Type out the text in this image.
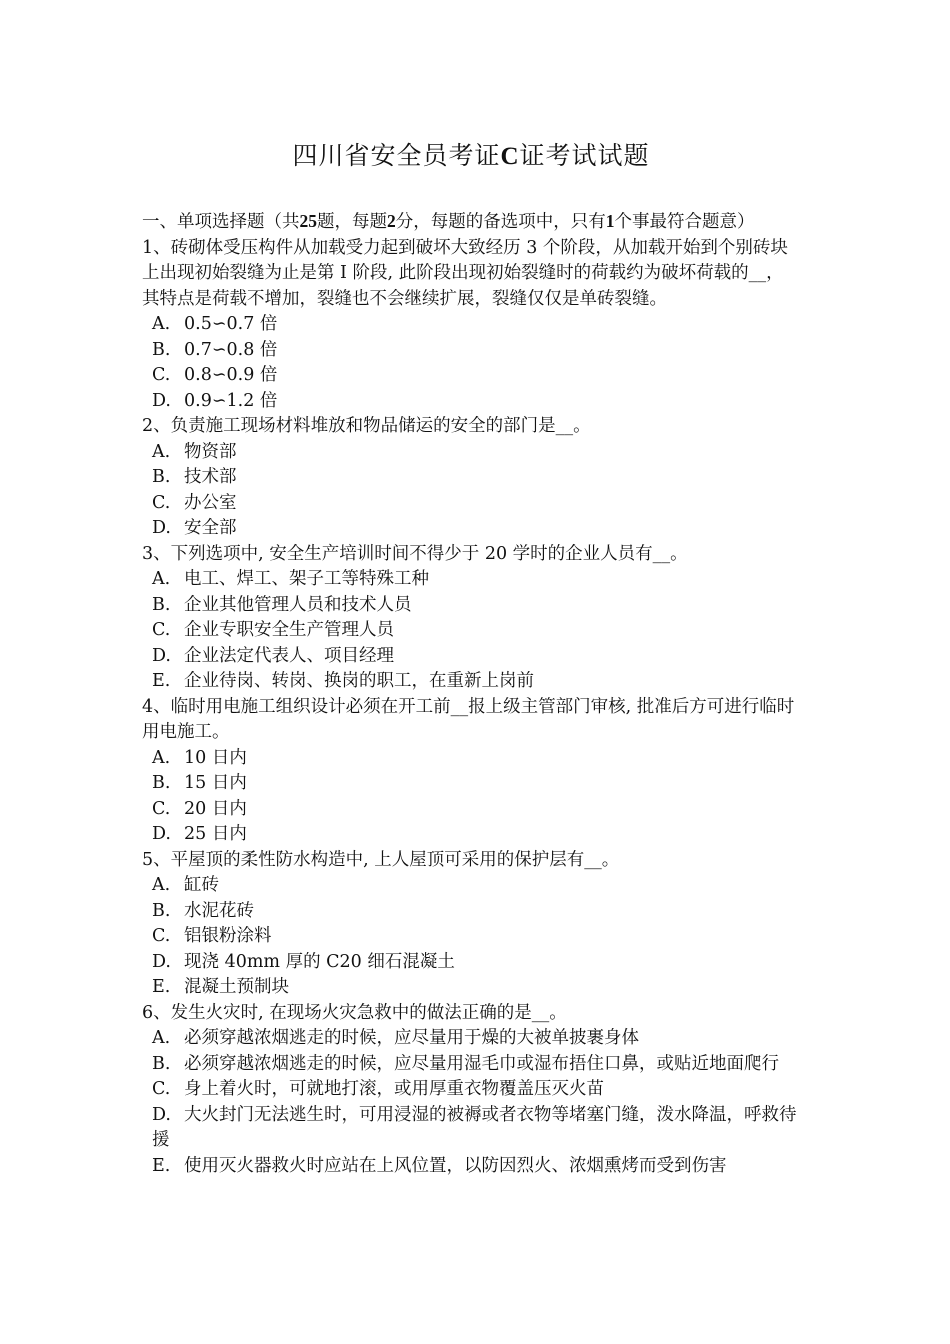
四川省安全员考证C证考试试题

一、单项选择题（共25题，每题2分，每题的备选项中，只有1个事最符合题意）

1、砖砌体受压构件从加载受力起到破坏大致经历 3 个阶段，从加载开始到个别砖块上出现初始裂缝为止是第 I 阶段, 此阶段出现初始裂缝时的荷载约为破坏荷载的__，其特点是荷载不增加，裂缝也不会继续扩展，裂缝仅仅是单砖裂缝。

A. 0.5∽0.7 倍

B. 0.7∽0.8 倍

C. 0.8∽0.9 倍

D. 0.9∽1.2 倍

2、负责施工现场材料堆放和物品储运的安全的部门是__。

A. 物资部

B. 技术部

C. 办公室

D. 安全部

3、下列选项中, 安全生产培训时间不得少于 20 学时的企业人员有__。

A. 电工、焊工、架子工等特殊工种

B. 企业其他管理人员和技术人员

C. 企业专职安全生产管理人员

D. 企业法定代表人、项目经理

E. 企业待岗、转岗、换岗的职工，在重新上岗前

4、临时用电施工组织设计必须在开工前__报上级主管部门审核, 批准后方可进行临时用电施工。

A. 10 日内

B. 15 日内

C. 20 日内

D. 25 日内

5、平屋顶的柔性防水构造中, 上人屋顶可采用的保护层有__。

A. 缸砖

B. 水泥花砖

C. 铝银粉涂料

D. 现浇 40mm 厚的 C20 细石混凝土

E. 混凝土预制块

6、发生火灾时, 在现场火灾急救中的做法正确的是__。

A. 必须穿越浓烟逃走的时候，应尽量用于燥的大被单披裹身体

B. 必须穿越浓烟逃走的时候，应尽量用湿毛巾或湿布捂住口鼻，或贴近地面爬行

C. 身上着火时，可就地打滚，或用厚重衣物覆盖压灭火苗

D. 大火封门无法逃生时，可用浸湿的被褥或者衣物等堵塞门缝，泼水降温，呼救待援

E. 使用灭火器救火时应站在上风位置，以防因烈火、浓烟熏烤而受到伤害
